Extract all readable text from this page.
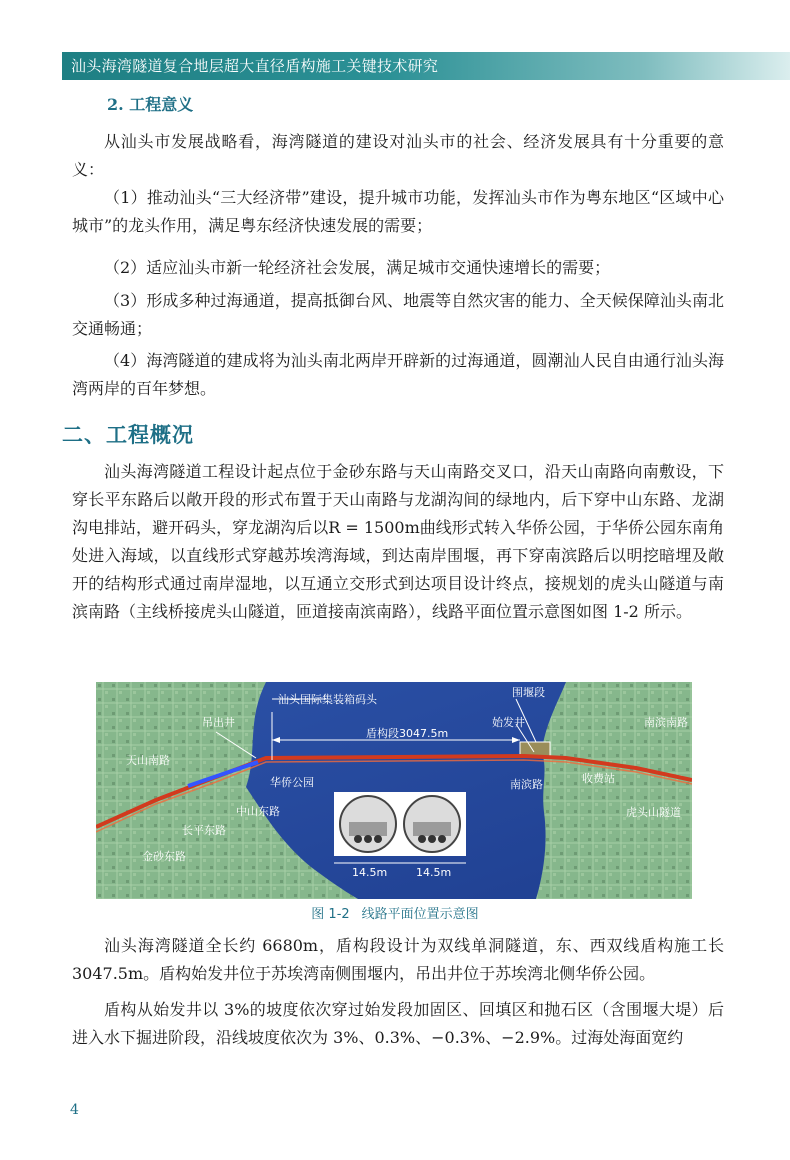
汕头海湾隧道复合地层超大直径盾构施工关键技术研究
2. 工程意义
从汕头市发展战略看，海湾隧道的建设对汕头市的社会、经济发展具有十分重要的意义：
（1）推动汕头“三大经济带”建设，提升城市功能，发挥汕头市作为粤东地区“区域中心城市”的龙头作用，满足粤东经济快速发展的需要；
（2）适应汕头市新一轮经济社会发展，满足城市交通快速增长的需要；
（3）形成多种过海通道，提高抵御台风、地震等自然灾害的能力、全天候保障汕头南北交通畅通；
（4）海湾隧道的建成将为汕头南北两岸开辟新的过海通道，圆潮汕人民自由通行汕头海湾两岸的百年梦想。
二、工程概况
汕头海湾隧道工程设计起点位于金砂东路与天山南路交叉口，沿天山南路向南敷设，下穿长平东路后以敞开段的形式布置于天山南路与龙湖沟间的绿地内，后下穿中山东路、龙湖沟电排站，避开码头，穿龙湖沟后以R = 1500m曲线形式转入华侨公园，于华侨公园东南角处进入海域，以直线形式穿越苏埃湾海域，到达南岸围堰，再下穿南滨路后以明挖暗埋及敞开的结构形式通过南岸湿地，以互通立交形式到达项目设计终点，接规划的虎头山隧道与南滨南路（主线桥接虎头山隧道，匝道接南滨南路），线路平面位置示意图如图 1-2 所示。
汕头国际集装箱码头
围堰段
吊出井	始发井	南滨南路
盾构段3047.5m
天山南路
华侨公园	南滨路	收费站
中山东路	虎头山隧道
长平东路
金砂东路
14.5m	14.5m
图 1-2 线路平面位置示意图
汕头海湾隧道全长约 6680m，盾构段设计为双线单洞隧道，东、西双线盾构施工长3047.5m。盾构始发井位于苏埃湾南侧围堰内，吊出井位于苏埃湾北侧华侨公园。
盾构从始发井以 3%的坡度依次穿过始发段加固区、回填区和抛石区（含围堰大堤）后进入水下掘进阶段，沿线坡度依次为 3%、0.3%、−0.3%、−2.9%。过海处海面宽约
4
